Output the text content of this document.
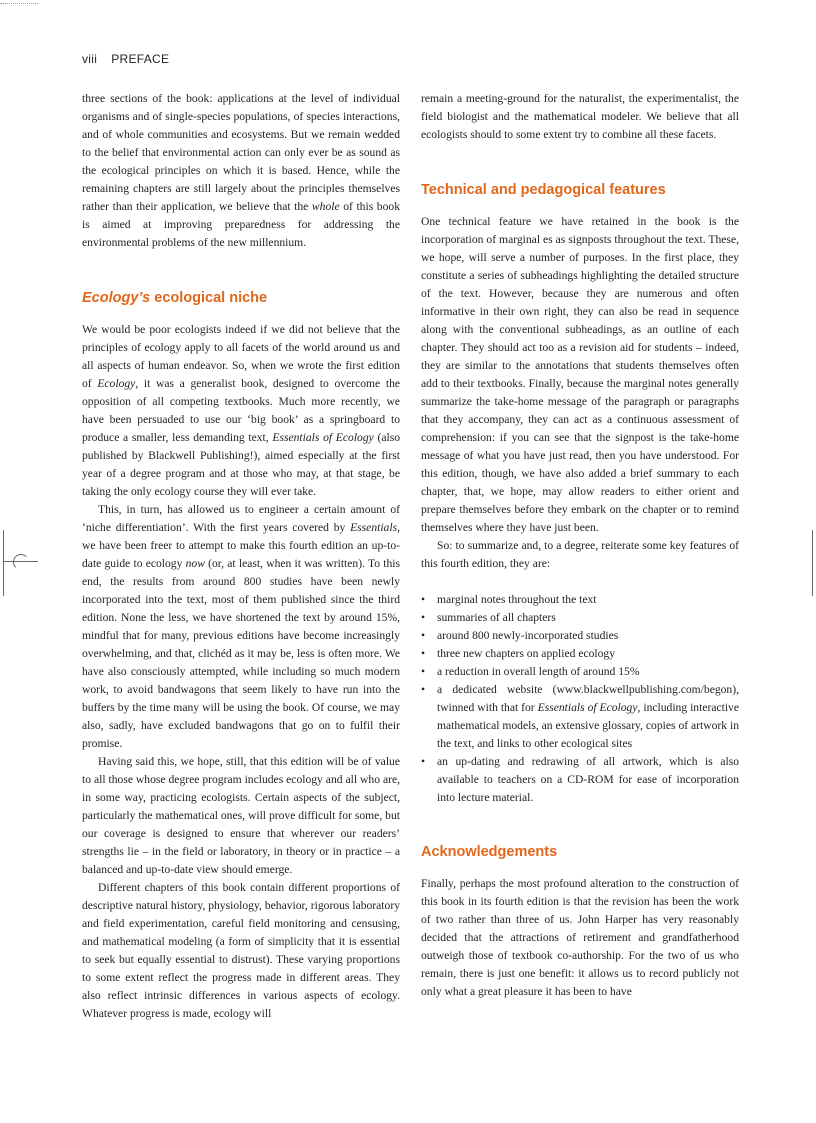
viii PREFACE

three sections of the book: applications at the level of individual organisms and of single-species populations, of species interactions, and of whole communities and ecosystems. But we remain wedded to the belief that environmental action can only ever be as sound as the ecological principles on which it is based. Hence, while the remaining chapters are still largely about the principles themselves rather than their application, we believe that the whole of this book is aimed at improving preparedness for addressing the environmental problems of the new millennium.

Ecology’s ecological niche

We would be poor ecologists indeed if we did not believe that the principles of ecology apply to all facets of the world around us and all aspects of human endeavor. So, when we wrote the first edition of Ecology, it was a generalist book, designed to overcome the opposition of all competing textbooks. Much more recently, we have been persuaded to use our ‘big book’ as a springboard to produce a smaller, less demanding text, Essentials of Ecology (also published by Blackwell Publishing!), aimed especially at the first year of a degree program and at those who may, at that stage, be taking the only ecology course they will ever take.

This, in turn, has allowed us to engineer a certain amount of ‘niche differentiation’. With the first years covered by Essentials, we have been freer to attempt to make this fourth edition an up-to-date guide to ecology now (or, at least, when it was written). To this end, the results from around 800 studies have been newly incorporated into the text, most of them published since the third edition. None the less, we have shortened the text by around 15%, mindful that for many, previous editions have become increasingly overwhelming, and that, clichéd as it may be, less is often more. We have also consciously attempted, while including so much modern work, to avoid bandwagons that seem likely to have run into the buffers by the time many will be using the book. Of course, we may also, sadly, have excluded bandwagons that go on to fulfil their promise.

Having said this, we hope, still, that this edition will be of value to all those whose degree program includes ecology and all who are, in some way, practicing ecologists. Certain aspects of the subject, particularly the mathematical ones, will prove difficult for some, but our coverage is designed to ensure that wherever our readers’ strengths lie – in the field or laboratory, in theory or in practice – a balanced and up-to-date view should emerge.

Different chapters of this book contain different proportions of descriptive natural history, physiology, behavior, rigorous laboratory and field experimentation, careful field monitoring and censusing, and mathematical modeling (a form of simplicity that it is essential to seek but equally essential to distrust). These varying proportions to some extent reflect the progress made in different areas. They also reflect intrinsic differences in various aspects of ecology. Whatever progress is made, ecology will

remain a meeting-ground for the naturalist, the experimentalist, the field biologist and the mathematical modeler. We believe that all ecologists should to some extent try to combine all these facets.

Technical and pedagogical features

One technical feature we have retained in the book is the incorporation of marginal es as signposts throughout the text. These, we hope, will serve a number of purposes. In the first place, they constitute a series of subheadings highlighting the detailed structure of the text. However, because they are numerous and often informative in their own right, they can also be read in sequence along with the conventional subheadings, as an outline of each chapter. They should act too as a revision aid for students – indeed, they are similar to the annotations that students themselves often add to their textbooks. Finally, because the marginal notes generally summarize the take-home message of the paragraph or paragraphs that they accompany, they can act as a continuous assessment of comprehension: if you can see that the signpost is the take-home message of what you have just read, then you have understood. For this edition, though, we have also added a brief summary to each chapter, that, we hope, may allow readers to either orient and prepare themselves before they embark on the chapter or to remind themselves where they have just been.

So: to summarize and, to a degree, reiterate some key features of this fourth edition, they are:

• marginal notes throughout the text
• summaries of all chapters
• around 800 newly-incorporated studies
• three new chapters on applied ecology
• a reduction in overall length of around 15%
• a dedicated website (www.blackwellpublishing.com/begon), twinned with that for Essentials of Ecology, including interactive mathematical models, an extensive glossary, copies of artwork in the text, and links to other ecological sites
• an up-dating and redrawing of all artwork, which is also available to teachers on a CD-ROM for ease of incorporation into lecture material.
Acknowledgements

Finally, perhaps the most profound alteration to the construction of this book in its fourth edition is that the revision has been the work of two rather than three of us. John Harper has very reasonably decided that the attractions of retirement and grandfatherhood outweigh those of textbook co-authorship. For the two of us who remain, there is just one benefit: it allows us to record publicly not only what a great pleasure it has been to have
